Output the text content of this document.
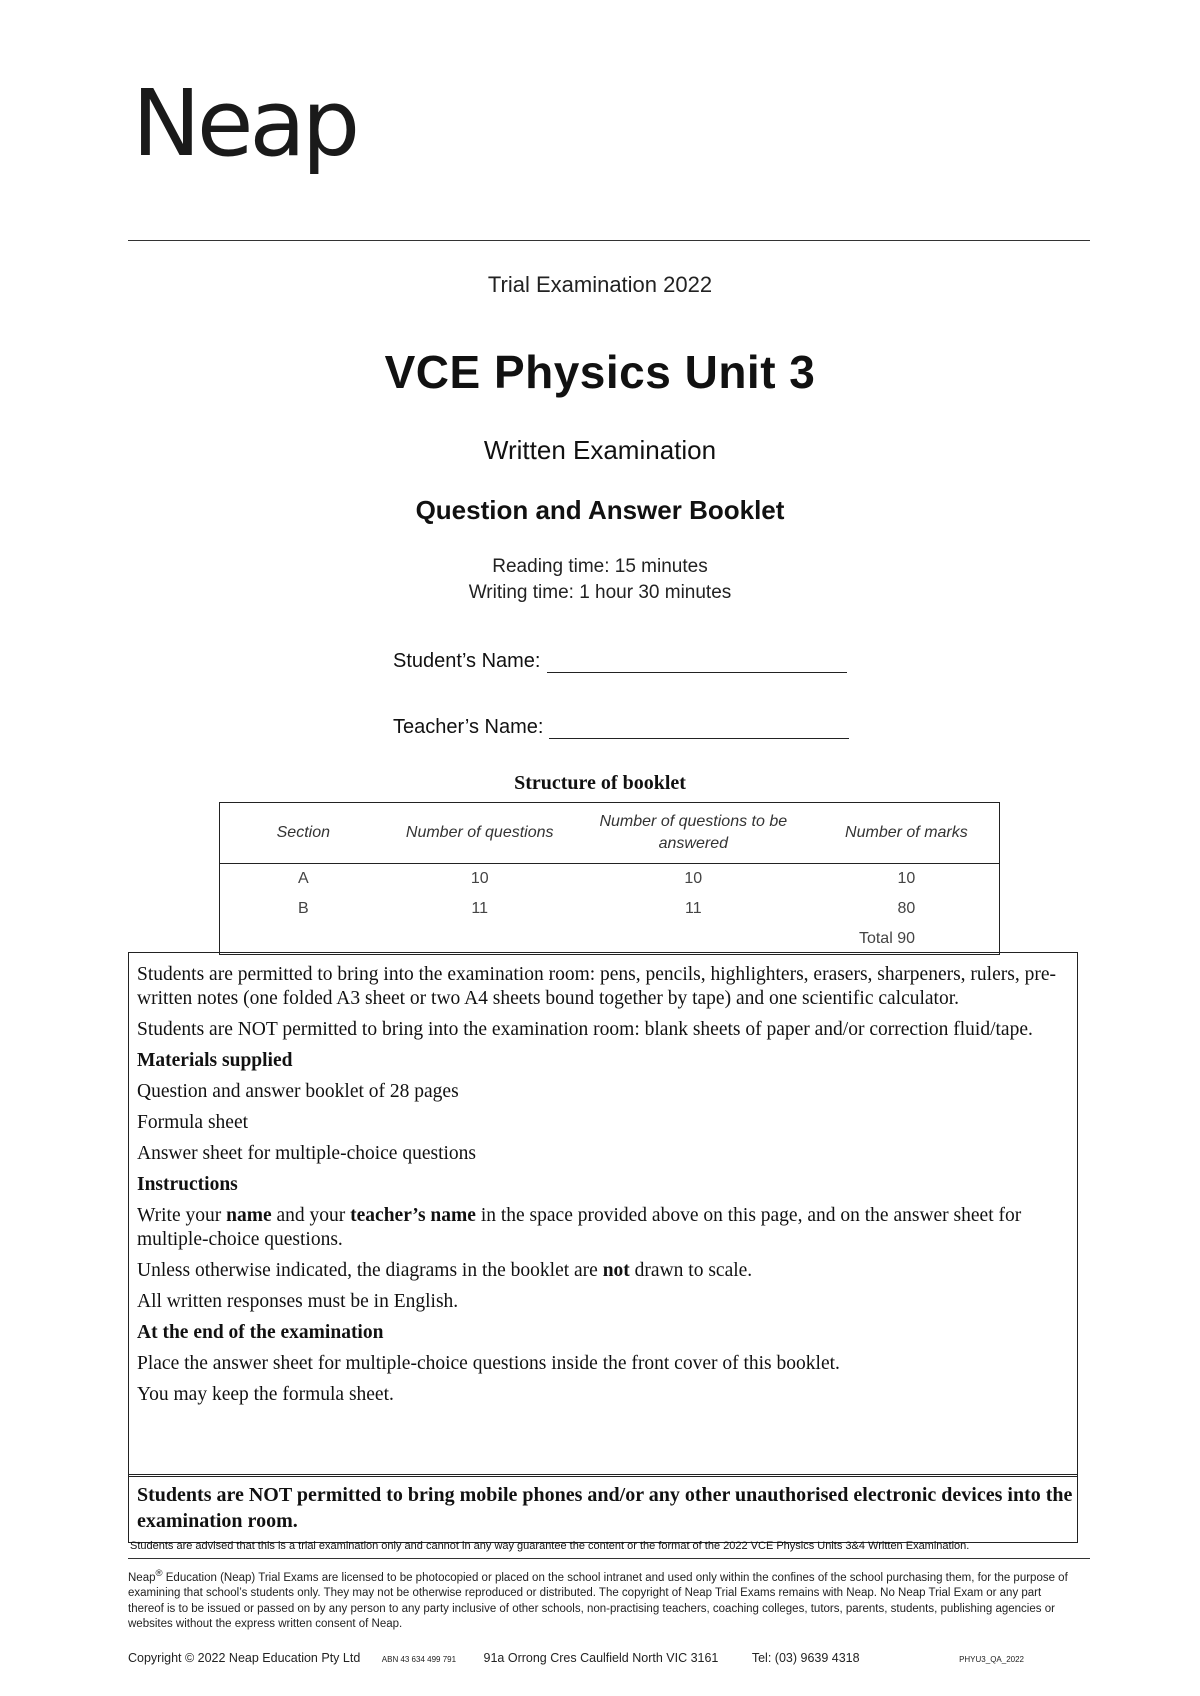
Neap
Trial Examination 2022
VCE Physics Unit 3
Written Examination
Question and Answer Booklet
Reading time: 15 minutes
Writing time: 1 hour 30 minutes
Student’s Name:
Teacher’s Name:
Structure of booklet
Section	Number of questions	Number of questions to be answered	Number of marks
A	10	10	10
B	11	11	80
Total 90			

Students are permitted to bring into the examination room: pens, pencils, highlighters, erasers, sharpeners, rulers, pre-written notes (one folded A3 sheet or two A4 sheets bound together by tape) and one scientific calculator.

Students are NOT permitted to bring into the examination room: blank sheets of paper and/or correction fluid/tape.

Materials supplied

Question and answer booklet of 28 pages

Formula sheet

Answer sheet for multiple-choice questions

Instructions

Write your name and your teacher’s name in the space provided above on this page, and on the answer sheet for multiple-choice questions.

Unless otherwise indicated, the diagrams in the booklet are not drawn to scale.

All written responses must be in English.

At the end of the examination

Place the answer sheet for multiple-choice questions inside the front cover of this booklet.

You may keep the formula sheet.

Students are NOT permitted to bring mobile phones and/or any other unauthorised electronic devices into the examination room.
Students are advised that this is a trial examination only and cannot in any way guarantee the content or the format of the 2022 VCE Physics Units 3&4 Written Examination.
Neap® Education (Neap) Trial Exams are licensed to be photocopied or placed on the school intranet and used only within the confines of the school purchasing them, for the purpose of examining that school’s students only. They may not be otherwise reproduced or distributed. The copyright of Neap Trial Exams remains with Neap. No Neap Trial Exam or any part thereof is to be issued or passed on by any person to any party inclusive of other schools, non-practising teachers, coaching colleges, tutors, parents, students, publishing agencies or websites without the express written consent of Neap.
Copyright © 2022 Neap Education Pty Ltd	ABN 43 634 499 791 91a Orrong Cres Caulfield North VIC 3161	Tel: (03) 9639 4318	PHYU3_QA_2022
